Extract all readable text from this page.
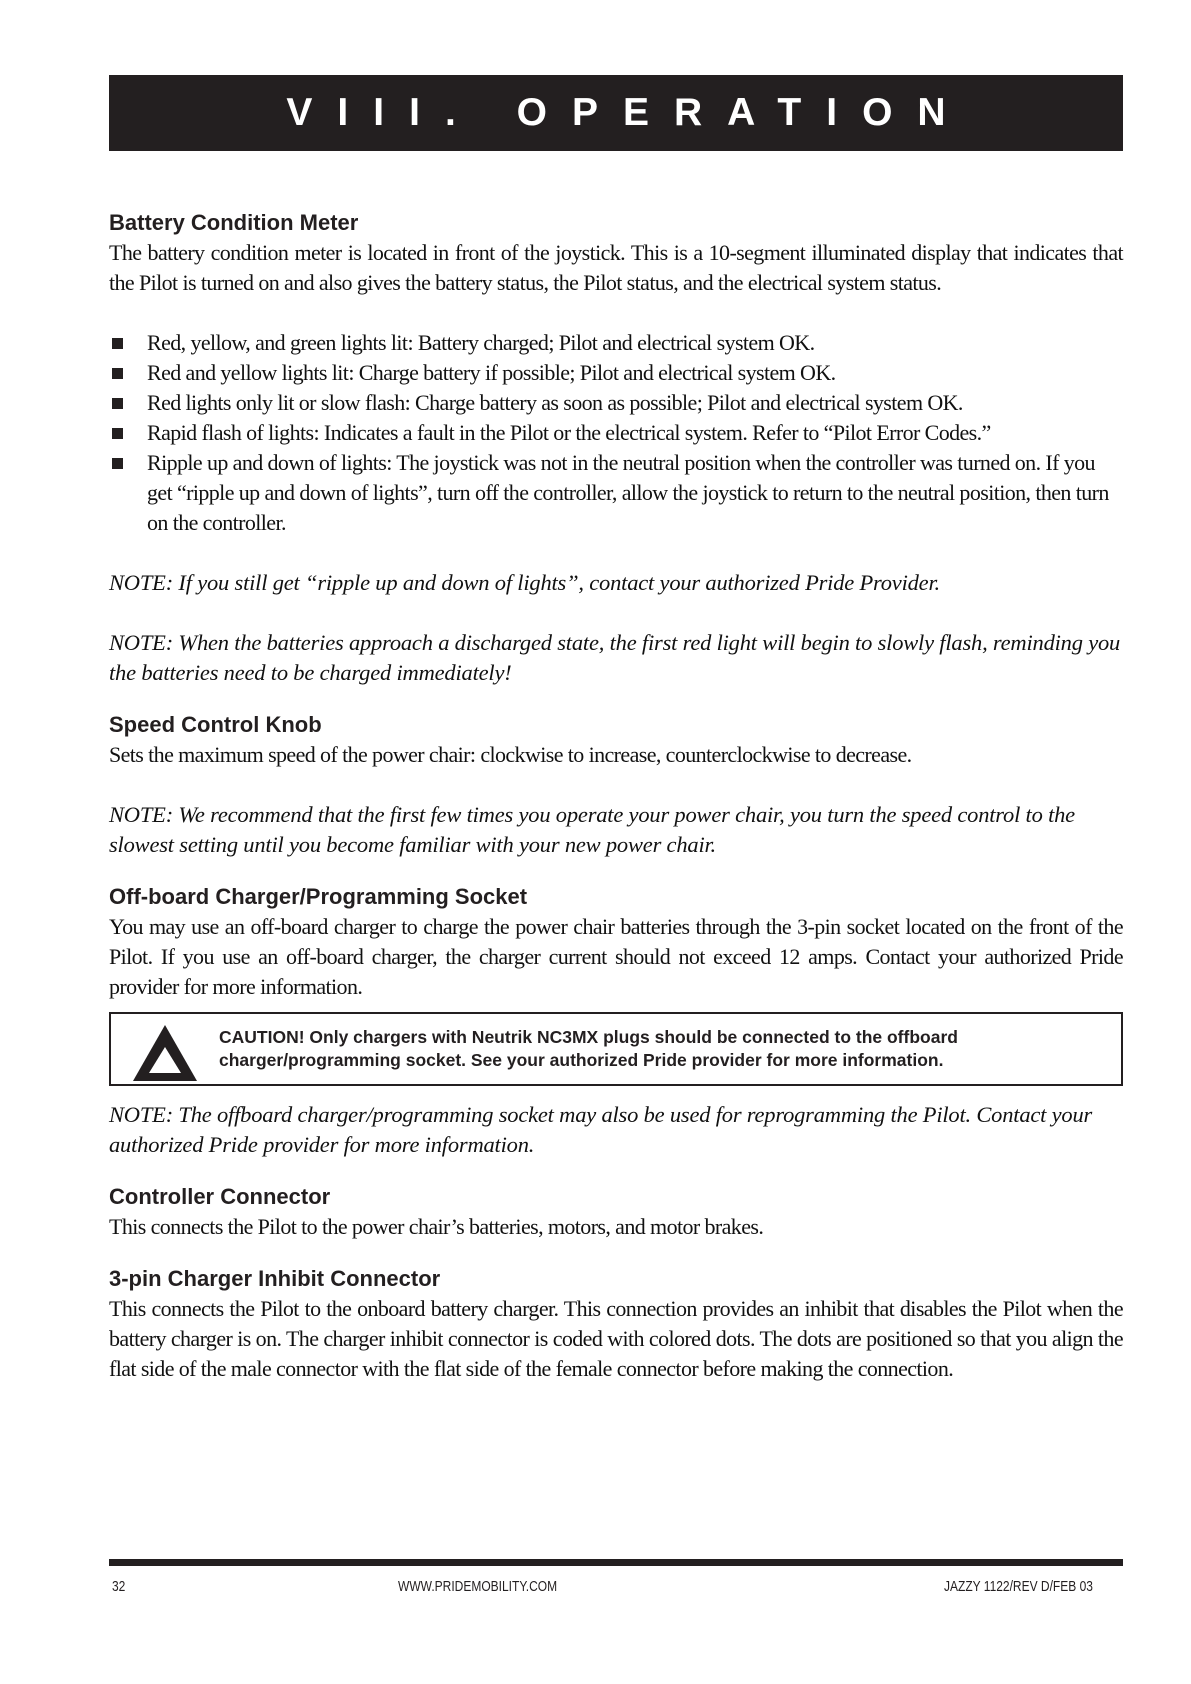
VIII. OPERATION
Battery Condition Meter

The battery condition meter is located in front of the joystick. This is a 10-segment illuminated display that indicates that the Pilot is turned on and also gives the battery status, the Pilot status, and the electrical system status.

Red, yellow, and green lights lit: Battery charged; Pilot and electrical system OK.
Red and yellow lights lit: Charge battery if possible; Pilot and electrical system OK.
Red lights only lit or slow flash: Charge battery as soon as possible; Pilot and electrical system OK.
Rapid flash of lights: Indicates a fault in the Pilot or the electrical system. Refer to “Pilot Error Codes.”
Ripple up and down of lights: The joystick was not in the neutral position when the controller was turned on. If you get “ripple up and down of lights”, turn off the controller, allow the joystick to return to the neutral position, then turn on the controller.

NOTE: If you still get “ripple up and down of lights”, contact your authorized Pride Provider.

NOTE: When the batteries approach a discharged state, the first red light will begin to slowly flash, reminding you the batteries need to be charged immediately!

Speed Control Knob

Sets the maximum speed of the power chair: clockwise to increase, counterclockwise to decrease.

NOTE: We recommend that the first few times you operate your power chair, you turn the speed control to the slowest setting until you become familiar with your new power chair.

Off-board Charger/Programming Socket

You may use an off-board charger to charge the power chair batteries through the 3-pin socket located on the front of the Pilot. If you use an off-board charger, the charger current should not exceed 12 amps. Contact your authorized Pride provider for more information.

CAUTION! Only chargers with Neutrik NC3MX plugs should be connected to the offboard charger/programming socket. See your authorized Pride provider for more information.

NOTE: The offboard charger/programming socket may also be used for reprogramming the Pilot. Contact your authorized Pride provider for more information.

Controller Connector

This connects the Pilot to the power chair’s batteries, motors, and motor brakes.

3-pin Charger Inhibit Connector

This connects the Pilot to the onboard battery charger. This connection provides an inhibit that disables the Pilot when the battery charger is on. The charger inhibit connector is coded with colored dots. The dots are positioned so that you align the flat side of the male connector with the flat side of the female connector before making the connection.

32	WWW.PRIDEMOBILITY.COM	JAZZY 1122/REV D/FEB 03
